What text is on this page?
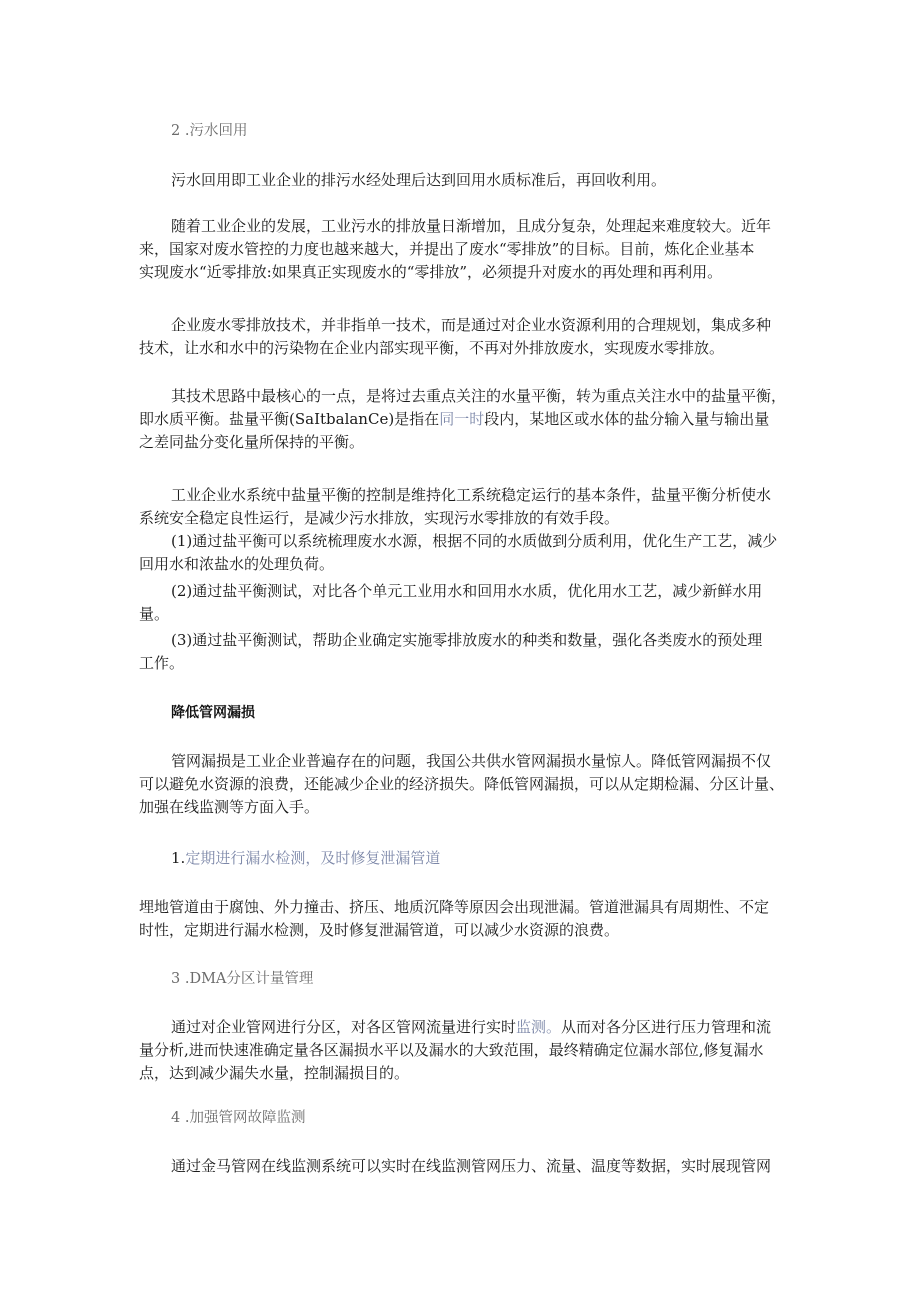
2 .污水回用

污水回用即工业企业的排污水经处理后达到回用水质标准后，再回收利用。

随着工业企业的发展，工业污水的排放量日渐增加，且成分复杂，处理起来难度较大。近年
来，国家对废水管控的力度也越来越大，并提出了废水“零排放”的目标。目前，炼化企业基本
实现废水“近零排放:如果真正实现废水的“零排放”，必须提升对废水的再处理和再利用。
企业废水零排放技术，并非指单一技术，而是通过对企业水资源利用的合理规划，集成多种
技术，让水和水中的污染物在企业内部实现平衡，不再对外排放废水，实现废水零排放。
其技术思路中最核心的一点，是将过去重点关注的水量平衡，转为重点关注水中的盐量平衡，
即水质平衡。盐量平衡(SaItbalanCe)是指在同一时段内，某地区或水体的盐分输入量与输出量
之差同盐分变化量所保持的平衡。
工业企业水系统中盐量平衡的控制是维持化工系统稳定运行的基本条件，盐量平衡分析使水
系统安全稳定良性运行，是减少污水排放，实现污水零排放的有效手段。
(1)通过盐平衡可以系统梳理废水水源，根据不同的水质做到分质利用，优化生产工艺，减少
回用水和浓盐水的处理负荷。
(2)通过盐平衡测试，对比各个单元工业用水和回用水水质，优化用水工艺，减少新鲜水用
量。
(3)通过盐平衡测试，帮助企业确定实施零排放废水的种类和数量，强化各类废水的预处理
工作。

降低管网漏损

管网漏损是工业企业普遍存在的问题，我国公共供水管网漏损水量惊人。降低管网漏损不仅
可以避免水资源的浪费，还能减少企业的经济损失。降低管网漏损，可以从定期检漏、分区计量、
加强在线监测等方面入手。

1.定期进行漏水检测，及时修复泄漏管道

埋地管道由于腐蚀、外力撞击、挤压、地质沉降等原因会出现泄漏。管道泄漏具有周期性、不定
时性，定期进行漏水检测，及时修复泄漏管道，可以减少水资源的浪费。

3 .DMA分区计量管理

通过对企业管网进行分区，对各区管网流量进行实时监测。从而对各分区进行压力管理和流
量分析,进而快速准确定量各区漏损水平以及漏水的大致范围，最终精确定位漏水部位,修复漏水
点，达到减少漏失水量，控制漏损目的。

4 .加强管网故障监测

通过金马管网在线监测系统可以实时在线监测管网压力、流量、温度等数据，实时展现管网
